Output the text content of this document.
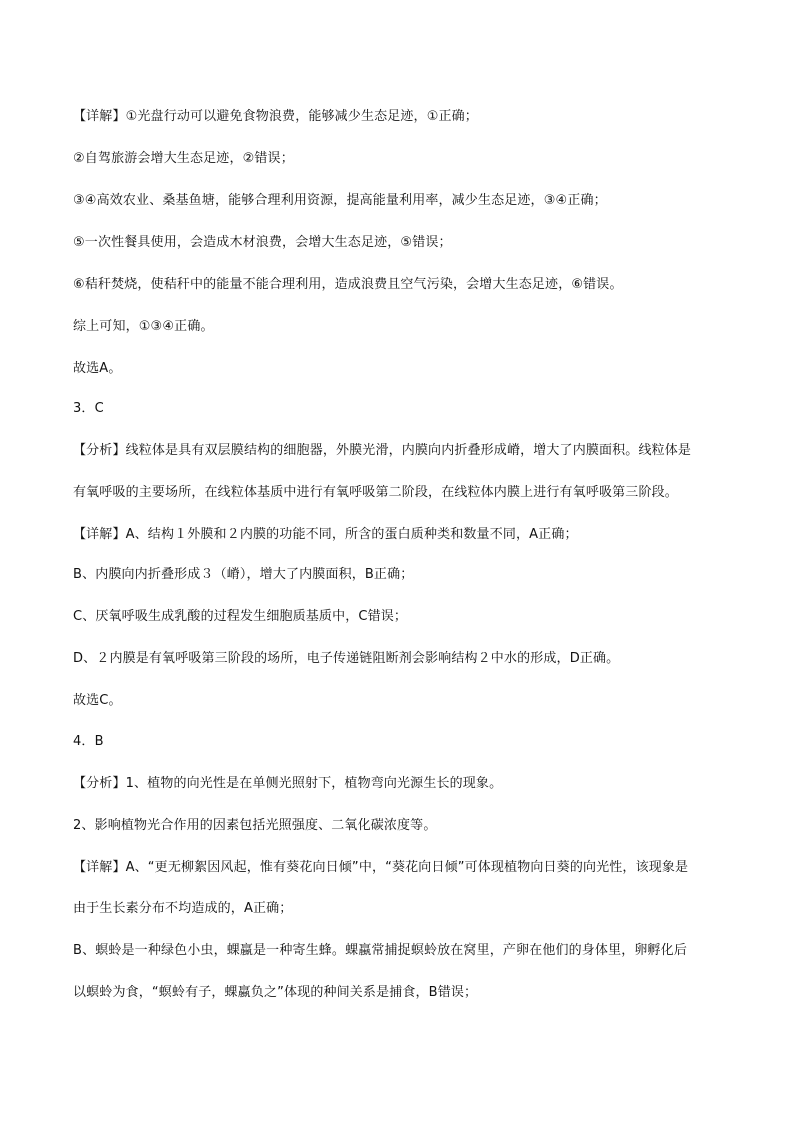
【详解】①光盘行动可以避免食物浪费，能够减少生态足迹，①正确；
②自驾旅游会增大生态足迹，②错误；
③④高效农业、桑基鱼塘，能够合理利用资源，提高能量利用率，减少生态足迹，③④正确；
⑤一次性餐具使用，会造成木材浪费，会增大生态足迹，⑤错误；
⑥秸秆焚烧，使秸秆中的能量不能合理利用，造成浪费且空气污染，会增大生态足迹，⑥错误。
综上可知，①③④正确。
故选A。
3．C
【分析】线粒体是具有双层膜结构的细胞器，外膜光滑，内膜向内折叠形成嵴，增大了内膜面积。线粒体是
有氧呼吸的主要场所，在线粒体基质中进行有氧呼吸第二阶段，在线粒体内膜上进行有氧呼吸第三阶段。
【详解】A、结构１外膜和２内膜的功能不同，所含的蛋白质种类和数量不同，A正确；
B、内膜向内折叠形成３（嵴），增大了内膜面积，B正确；
C、厌氧呼吸生成乳酸的过程发生细胞质基质中，C错误；
D、２内膜是有氧呼吸第三阶段的场所，电子传递链阻断剂会影响结构２中水的形成，D正确。
故选C。
4．B
【分析】1、植物的向光性是在单侧光照射下，植物弯向光源生长的现象。
2、影响植物光合作用的因素包括光照强度、二氧化碳浓度等。
【详解】A、“更无柳絮因风起，惟有葵花向日倾”中，“葵花向日倾”可体现植物向日葵的向光性，该现象是
由于生长素分布不均造成的，A正确；
B、螟蛉是一种绿色小虫，蜾蠃是一种寄生蜂。蜾蠃常捕捉螟蛉放在窝里，产卵在他们的身体里，卵孵化后
以螟蛉为食，“螟蛉有子，蜾蠃负之”体现的种间关系是捕食，B错误；
